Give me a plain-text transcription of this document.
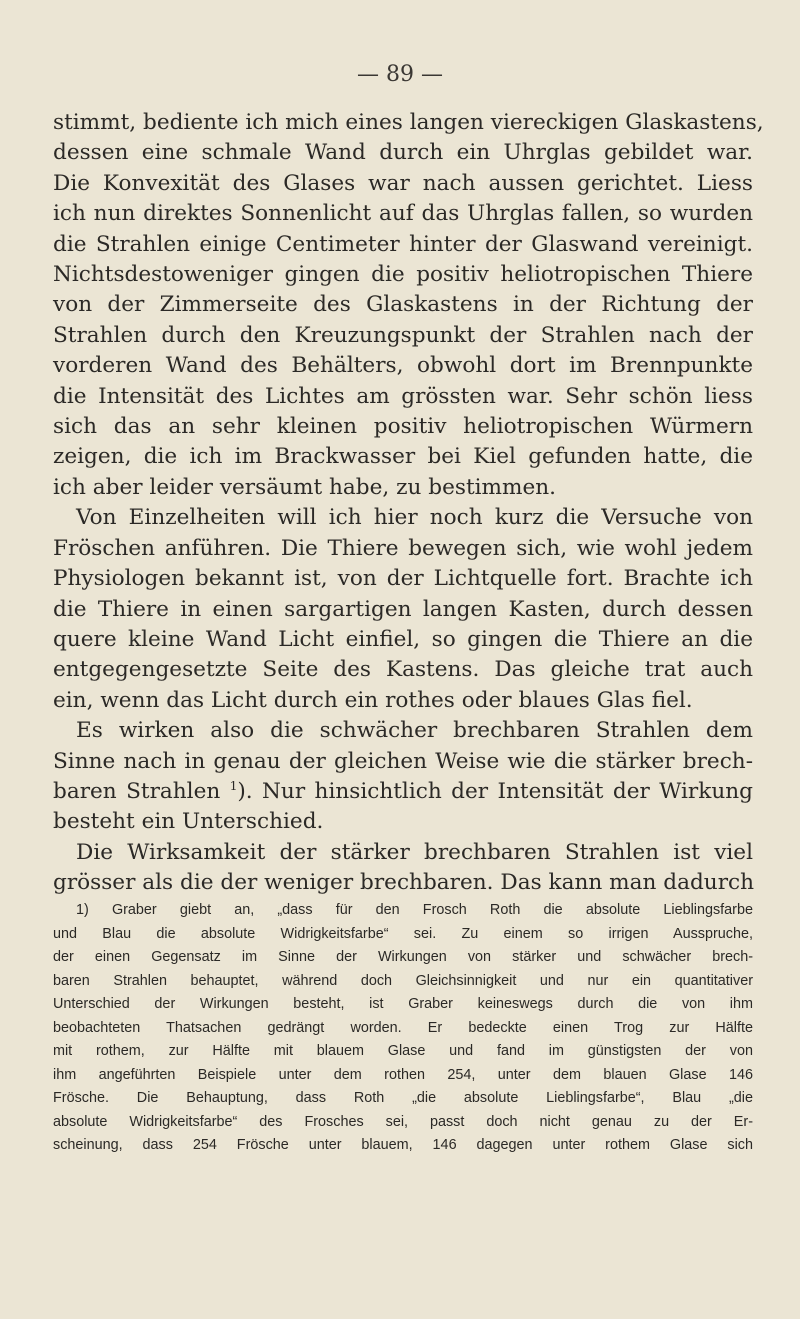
— 89 —
stimmt, bediente ich mich eines langen viereckigen Glaskastens,
dessen eine schmale Wand durch ein Uhrglas gebildet war.
Die Konvexität des Glases war nach aussen gerichtet. Liess
ich nun direktes Sonnenlicht auf das Uhrglas fallen, so wurden
die Strahlen einige Centimeter hinter der Glaswand vereinigt.
Nichtsdestoweniger gingen die positiv heliotropischen Thiere
von der Zimmerseite des Glaskastens in der Richtung der
Strahlen durch den Kreuzungspunkt der Strahlen nach der
vorderen Wand des Behälters, obwohl dort im Brennpunkte
die Intensität des Lichtes am grössten war. Sehr schön liess
sich das an sehr kleinen positiv heliotropischen Würmern
zeigen, die ich im Brackwasser bei Kiel gefunden hatte, die
ich aber leider versäumt habe, zu bestimmen.
Von Einzelheiten will ich hier noch kurz die Versuche von
Fröschen anführen. Die Thiere bewegen sich, wie wohl jedem
Physiologen bekannt ist, von der Lichtquelle fort. Brachte ich
die Thiere in einen sargartigen langen Kasten, durch dessen
quere kleine Wand Licht einfiel, so gingen die Thiere an die
entgegengesetzte Seite des Kastens. Das gleiche trat auch
ein, wenn das Licht durch ein rothes oder blaues Glas fiel.
Es wirken also die schwächer brechbaren Strahlen dem
Sinne nach in genau der gleichen Weise wie die stärker brech-
baren Strahlen $^1$). Nur hinsichtlich der Intensität der Wirkung
besteht ein Unterschied.
Die Wirksamkeit der stärker brechbaren Strahlen ist viel
grösser als die der weniger brechbaren. Das kann man dadurch
1) Graber giebt an, „dass für den Frosch Roth die absolute Lieblingsfarbe
und Blau die absolute Widrigkeitsfarbe“ sei. Zu einem so irrigen Ausspruche,
der einen Gegensatz im Sinne der Wirkungen von stärker und schwächer brech-
baren Strahlen behauptet, während doch Gleichsinnigkeit und nur ein quantitativer
Unterschied der Wirkungen besteht, ist Graber keineswegs durch die von ihm
beobachteten Thatsachen gedrängt worden. Er bedeckte einen Trog zur Hälfte
mit rothem, zur Hälfte mit blauem Glase und fand im günstigsten der von
ihm angeführten Beispiele unter dem rothen 254, unter dem blauen Glase 146
Frösche. Die Behauptung, dass Roth „die absolute Lieblingsfarbe“, Blau „die
absolute Widrigkeitsfarbe“ des Frosches sei, passt doch nicht genau zu der Er-
scheinung, dass 254 Frösche unter blauem, 146 dagegen unter rothem Glase sich
